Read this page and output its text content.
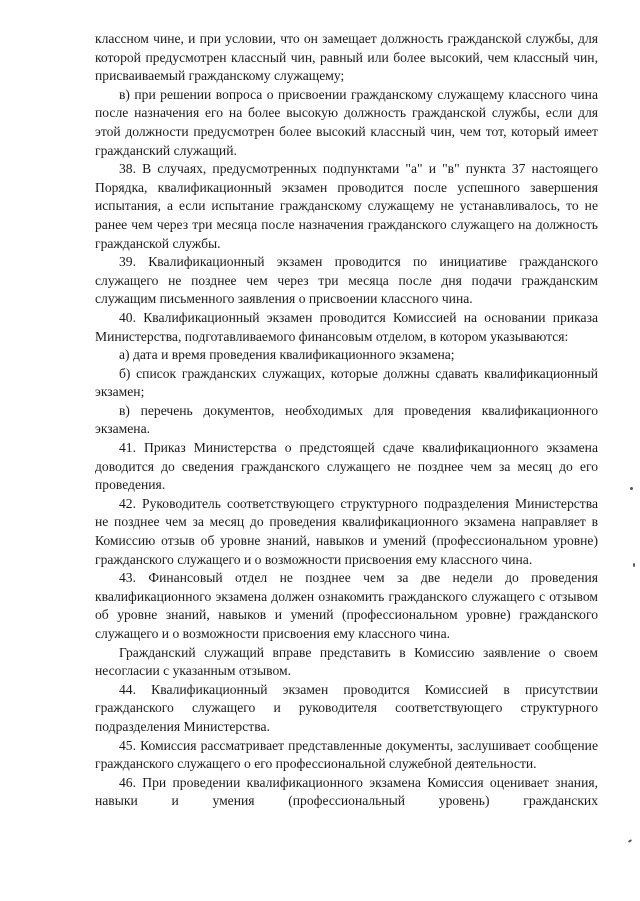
классном чине, и при условии, что он замещает должность гражданской службы, для которой предусмотрен классный чин, равный или более высокий, чем классный чин, присваиваемый гражданскому служащему;

в) при решении вопроса о присвоении гражданскому служащему классного чина после назначения его на более высокую должность гражданской службы, если для этой должности предусмотрен более высокий классный чин, чем тот, который имеет гражданский служащий.

38. В случаях, предусмотренных подпунктами "а" и "в" пункта 37 настоящего Порядка, квалификационный экзамен проводится после успешного завершения испытания, а если испытание гражданскому служащему не устанавливалось, то не ранее чем через три месяца после назначения гражданского служащего на должность гражданской службы.

39. Квалификационный экзамен проводится по инициативе гражданского служащего не позднее чем через три месяца после дня подачи гражданским служащим письменного заявления о присвоении классного чина.

40. Квалификационный экзамен проводится Комиссией на основании приказа Министерства, подготавливаемого финансовым отделом, в котором указываются:

а) дата и время проведения квалификационного экзамена;

б) список гражданских служащих, которые должны сдавать квалификационный экзамен;

в) перечень документов, необходимых для проведения квалификационного экзамена.

41. Приказ Министерства о предстоящей сдаче квалификационного экзамена доводится до сведения гражданского служащего не позднее чем за месяц до его проведения.

42. Руководитель соответствующего структурного подразделения Министерства не позднее чем за месяц до проведения квалификационного экзамена направляет в Комиссию отзыв об уровне знаний, навыков и умений (профессиональном уровне) гражданского служащего и о возможности присвоения ему классного чина.

43. Финансовый отдел не позднее чем за две недели до проведения квалификационного экзамена должен ознакомить гражданского служащего с отзывом об уровне знаний, навыков и умений (профессиональном уровне) гражданского служащего и о возможности присвоения ему классного чина.

Гражданский служащий вправе представить в Комиссию заявление о своем несогласии с указанным отзывом.

44. Квалификационный экзамен проводится Комиссией в присутствии гражданского служащего и руководителя соответствующего структурного подразделения Министерства.

45. Комиссия рассматривает представленные документы, заслушивает сообщение гражданского служащего о его профессиональной служебной деятельности.

46. При проведении квалификационного экзамена Комиссия оценивает знания, навыки и умения (профессиональный уровень) гражданских
